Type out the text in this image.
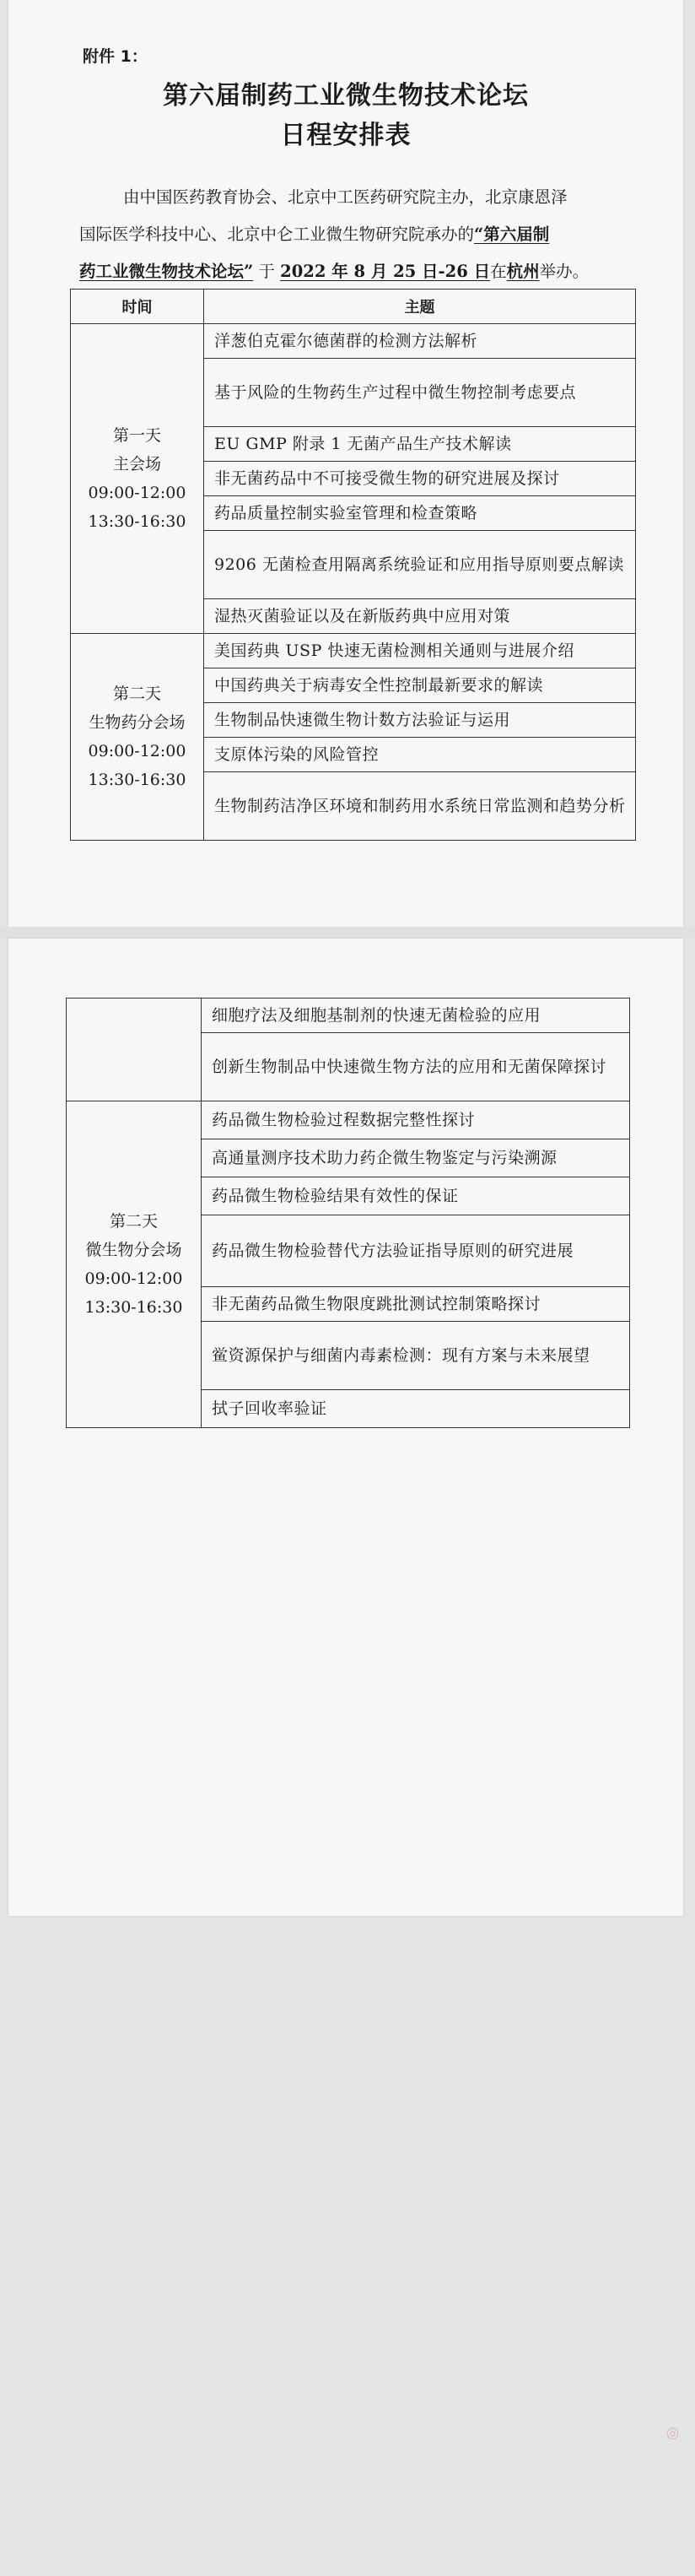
附件 1：
第六届制药工业微生物技术论坛
日程安排表

由中国医药教育协会、北京中工医药研究院主办，北京康恩泽

国际医学科技中心、北京中仑工业微生物研究院承办的“第六届制

药工业微生物技术论坛” 于 2022 年 8 月 25 日-26 日在杭州举办。

时间	主题

第一天
主会场
09:00-12:00
13:30-16:30	洋葱伯克霍尔德菌群的检测方法解析
	基于风险的生物药生产过程中微生物控制考虑要点
	EU GMP 附录 1 无菌产品生产技术解读
	非无菌药品中不可接受微生物的研究进展及探讨
	药品质量控制实验室管理和检查策略
	9206 无菌检查用隔离系统验证和应用指导原则要点解读
	湿热灭菌验证以及在新版药典中应用对策

第二天
生物药分会场
09:00-12:00
13:30-16:30	美国药典 USP 快速无菌检测相关通则与进展介绍
	中国药典关于病毒安全性控制最新要求的解读
	生物制品快速微生物计数方法验证与运用
	支原体污染的风险管控
	生物制药洁净区环境和制药用水系统日常监测和趋势分析
◎
	细胞疗法及细胞基制剂的快速无菌检验的应用
	创新生物制品中快速微生物方法的应用和无菌保障探讨

第二天
微生物分会场
09:00-12:00
13:30-16:30	药品微生物检验过程数据完整性探讨
	高通量测序技术助力药企微生物鉴定与污染溯源
	药品微生物检验结果有效性的保证
	药品微生物检验替代方法验证指导原则的研究进展
	非无菌药品微生物限度跳批测试控制策略探讨
	鲎资源保护与细菌内毒素检测：现有方案与未来展望
	拭子回收率验证
